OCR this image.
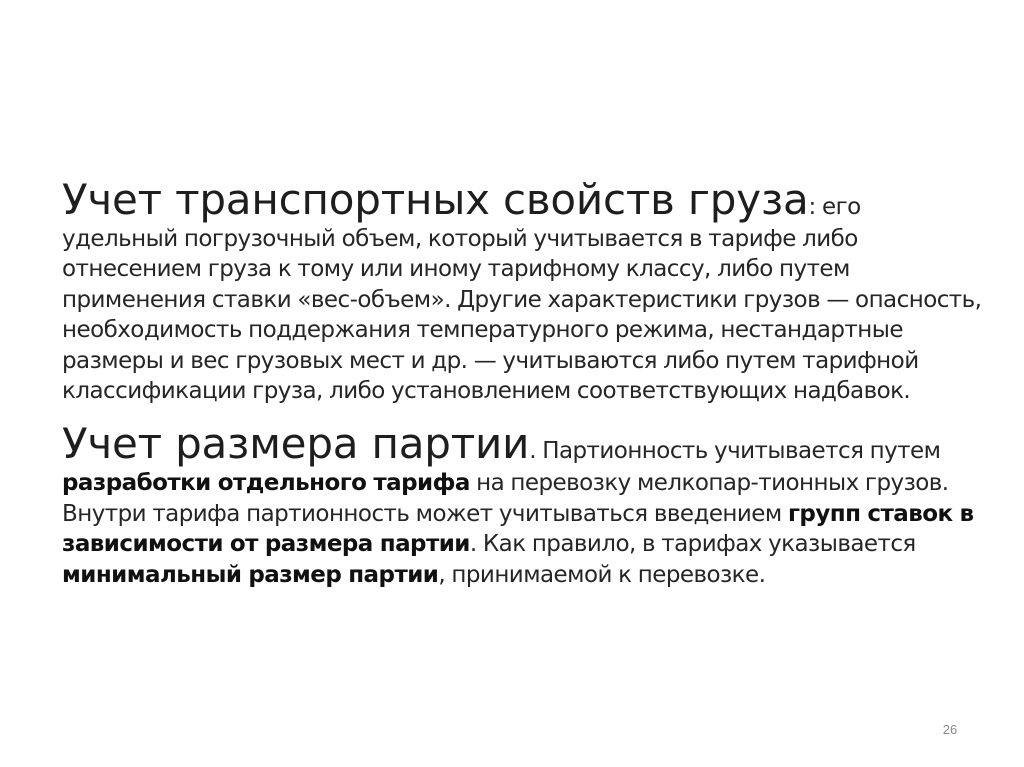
Учет транспортных свойств груза: его удельный погрузочный объем, который учитывается в тарифе либо отнесением груза к тому или иному тарифному классу, либо путем применения ставки «вес-объем». Другие характеристики грузов — опасность, необходимость поддержания температурного режима, нестандартные размеры и вес грузовых мест и др. — учитываются либо путем тарифной классификации груза, либо установлением соответствующих надбавок.

Учет размера партии. Партионность учитывается путем разработки отдельного тарифа на перевозку мелкопар-тионных грузов. Внутри тарифа партионность может учитываться введением групп ставок в зависимости от размера партии. Как правило, в тарифах указывается минимальный размер партии, принимаемой к перевозке.

26
